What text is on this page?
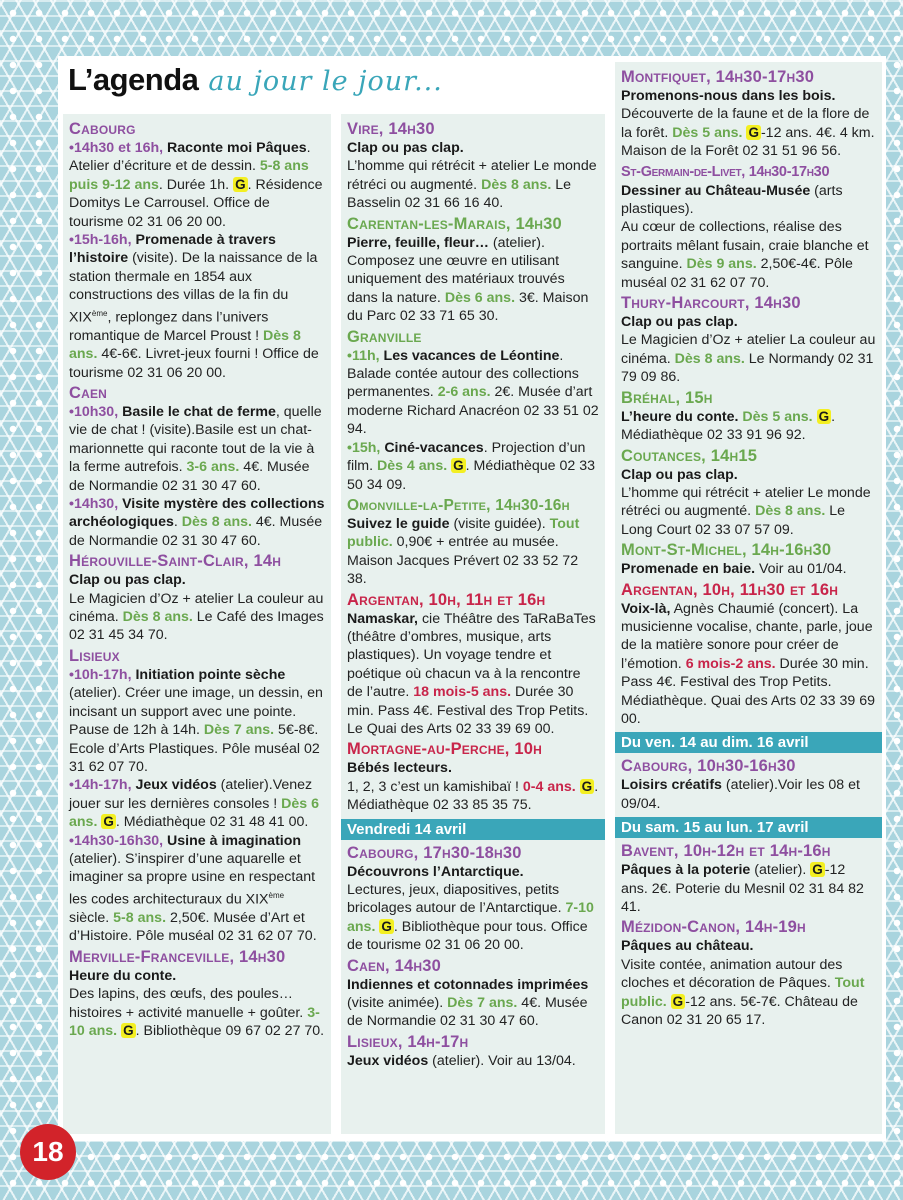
L’agenda au jour le jour...
Cabourg
•14h30 et 16h, Raconte moi Pâques. Atelier d’écriture et de dessin. 5-8 ans puis 9-12 ans. Durée 1h. G . Résidence Domitys Le Carrousel. Office de tourisme 02 31 06 20 00.
•15h-16h, Promenade à travers l’histoire (visite). De la naissance de la station thermale en 1854 aux constructions des villas de la fin du XIXème, replongez dans l’univers romantique de Marcel Proust ! Dès 8 ans. 4€-6€. Livret-jeux fourni ! Office de tourisme 02 31 06 20 00.
Caen
•10h30, Basile le chat de ferme, quelle vie de chat ! (visite).Basile est un chat-marionnette qui raconte tout de la vie à la ferme autrefois. 3-6 ans. 4€. Musée de Normandie 02 31 30 47 60.
•14h30, Visite mystère des collections archéologiques. Dès 8 ans. 4€. Musée de Normandie 02 31 30 47 60.
Hérouville-Saint-Clair, 14h
Clap ou pas clap.
Le Magicien d’Oz + atelier La couleur au cinéma. Dès 8 ans. Le Café des Images 02 31 45 34 70.
Lisieux
•10h-17h, Initiation pointe sèche (atelier). Créer une image, un dessin, en incisant un support avec une pointe. Pause de 12h à 14h. Dès 7 ans. 5€-8€. Ecole d’Arts Plastiques. Pôle muséal 02 31 62 07 70.
•14h-17h, Jeux vidéos (atelier).Venez jouer sur les dernières consoles ! Dès 6 ans. G . Médiathèque 02 31 48 41 00.
•14h30-16h30, Usine à imagination (atelier). S’inspirer d’une aquarelle et imaginer sa propre usine en respectant les codes architecturaux du XIXème siècle. 5-8 ans. 2,50€. Musée d’Art et d’Histoire. Pôle muséal 02 31 62 07 70.
Merville-Franceville, 14h30
Heure du conte.
Des lapins, des œufs, des poules… histoires + activité manuelle + goûter. 3-10 ans. G . Bibliothèque 09 67 02 27 70.
Vire, 14h30
Clap ou pas clap.
L’homme qui rétrécit + atelier Le monde rétréci ou augmenté. Dès 8 ans. Le Basselin 02 31 66 16 40.
Carentan-les-Marais, 14h30
Pierre, feuille, fleur… (atelier). Composez une œuvre en utilisant uniquement des matériaux trouvés dans la nature. Dès 6 ans. 3€. Maison du Parc 02 33 71 65 30.
Granville
•11h, Les vacances de Léontine. Balade contée autour des collections permanentes. 2-6 ans. 2€. Musée d’art moderne Richard Anacréon 02 33 51 02 94.
•15h, Ciné-vacances. Projection d’un film. Dès 4 ans. G . Médiathèque 02 33 50 34 09.
Omonville-la-Petite, 14h30-16h
Suivez le guide (visite guidée). Tout public. 0,90€ + entrée au musée. Maison Jacques Prévert 02 33 52 72 38.
Argentan, 10h, 11h et 16h
Namaskar, cie Théâtre des TaRaBaTes (théâtre d’ombres, musique, arts plastiques). Un voyage tendre et poétique où chacun va à la rencontre de l’autre. 18 mois-5 ans. Durée 30 min. Pass 4€. Festival des Trop Petits. Le Quai des Arts 02 33 39 69 00.
Mortagne-au-Perche, 10h
Bébés lecteurs.
1, 2, 3 c’est un kamishibaï ! 0-4 ans. G . Médiathèque 02 33 85 35 75.
Vendredi 14 avril
Cabourg, 17h30-18h30
Découvrons l’Antarctique.
Lectures, jeux, diapositives, petits bricolages autour de l’Antarctique. 7-10 ans. G . Bibliothèque pour tous. Office de tourisme 02 31 06 20 00.
Caen, 14h30
Indiennes et cotonnades imprimées (visite animée). Dès 7 ans. 4€. Musée de Normandie 02 31 30 47 60.
Lisieux, 14h-17h
Jeux vidéos (atelier). Voir au 13/04.
Montfiquet, 14h30-17h30
Promenons-nous dans les bois.
Découverte de la faune et de la flore de la forêt. Dès 5 ans. G -12 ans. 4€. 4 km. Maison de la Forêt 02 31 51 96 56.
St-Germain-de-Livet, 14h30-17h30
Dessiner au Château-Musée (arts plastiques).
Au cœur de collections, réalise des portraits mêlant fusain, craie blanche et sanguine. Dès 9 ans. 2,50€-4€. Pôle muséal 02 31 62 07 70.
Thury-Harcourt, 14h30
Clap ou pas clap.
Le Magicien d’Oz + atelier La couleur au cinéma. Dès 8 ans. Le Normandy 02 31 79 09 86.
Bréhal, 15h
L’heure du conte. Dès 5 ans. G .
Médiathèque 02 33 91 96 92.
Coutances, 14h15
Clap ou pas clap.
L’homme qui rétrécit + atelier Le monde rétréci ou augmenté. Dès 8 ans. Le Long Court 02 33 07 57 09.
Mont-St-Michel, 14h-16h30
Promenade en baie. Voir au 01/04.
Argentan, 10h, 11h30 et 16h
Voix-là, Agnès Chaumié (concert). La musicienne vocalise, chante, parle, joue de la matière sonore pour créer de l’émotion. 6 mois-2 ans. Durée 30 min. Pass 4€. Festival des Trop Petits. Médiathèque. Quai des Arts 02 33 39 69 00.
Du ven. 14 au dim. 16 avril
Cabourg, 10h30-16h30
Loisirs créatifs (atelier).Voir les 08 et 09/04.
Du sam. 15 au lun. 17 avril
Bavent, 10h-12h et 14h-16h
Pâques à la poterie (atelier). G -12 ans. 2€. Poterie du Mesnil 02 31 84 82 41.
Mézidon-Canon, 14h-19h
Pâques au château.
Visite contée, animation autour des cloches et décoration de Pâques. Tout public. G -12 ans. 5€-7€. Château de Canon 02 31 20 65 17.
18
